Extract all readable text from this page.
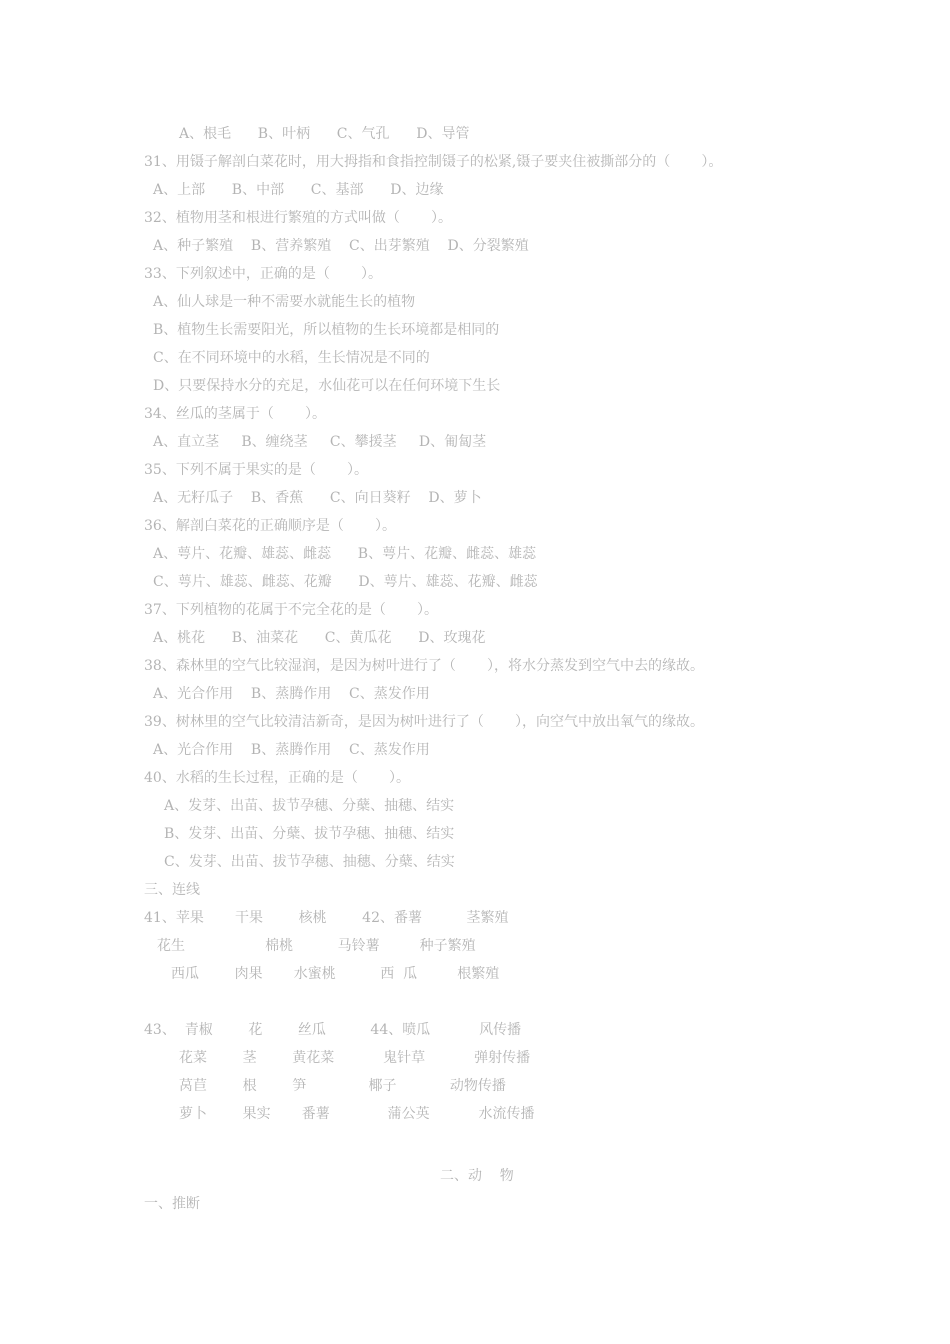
A、根毛      B、叶柄      C、气孔      D、导管
31、用镊子解剖白菜花时，用大拇指和食指控制镊子的松紧,镊子要夹住被撕部分的（       ）。
A、上部      B、中部      C、基部      D、边缘
32、植物用茎和根进行繁殖的方式叫做（       ）。
A、种子繁殖    B、营养繁殖    C、出芽繁殖    D、分裂繁殖
33、下列叙述中，正确的是（       ）。
A、仙人球是一种不需要水就能生长的植物
B、植物生长需要阳光，所以植物的生长环境都是相同的
C、在不同环境中的水稻，生长情况是不同的
D、只要保持水分的充足，水仙花可以在任何环境下生长
34、丝瓜的茎属于（       ）。
A、直立茎     B、缠绕茎     C、攀援茎     D、匍匐茎
35、下列不属于果实的是（       ）。
A、无籽瓜子    B、香蕉      C、向日葵籽    D、萝卜
36、解剖白菜花的正确顺序是（       ）。
A、萼片、花瓣、雄蕊、雌蕊      B、萼片、花瓣、雌蕊、雄蕊
C、萼片、雄蕊、雌蕊、花瓣      D、萼片、雄蕊、花瓣、雌蕊
37、下列植物的花属于不完全花的是（       ）。
A、桃花      B、油菜花      C、黄瓜花      D、玫瑰花
38、森林里的空气比较湿润，是因为树叶进行了（       ），将水分蒸发到空气中去的缘故。
A、光合作用    B、蒸腾作用    C、蒸发作用
39、树林里的空气比较清洁新奇，是因为树叶进行了（       ），向空气中放出氧气的缘故。
A、光合作用    B、蒸腾作用    C、蒸发作用
40、水稻的生长过程，正确的是（       ）。
A、发芽、出苗、拔节孕穗、分蘖、抽穗、结实
B、发芽、出苗、分蘖、拔节孕穗、抽穗、结实
C、发芽、出苗、拔节孕穗、抽穗、分蘖、结实
三、连线
41、苹果       干果        核桃        42、番薯          茎繁殖
花生                  棉桃          马铃薯         种子繁殖
西瓜        肉果       水蜜桃          西  瓜         根繁殖
43、  青椒        花        丝瓜          44、喷瓜           风传播
花菜        茎        黄花菜           鬼针草           弹射传播
莴苣        根        笋              椰子            动物传播
萝卜        果实       番薯             蒲公英           水流传播
二、动    物
一、推断
